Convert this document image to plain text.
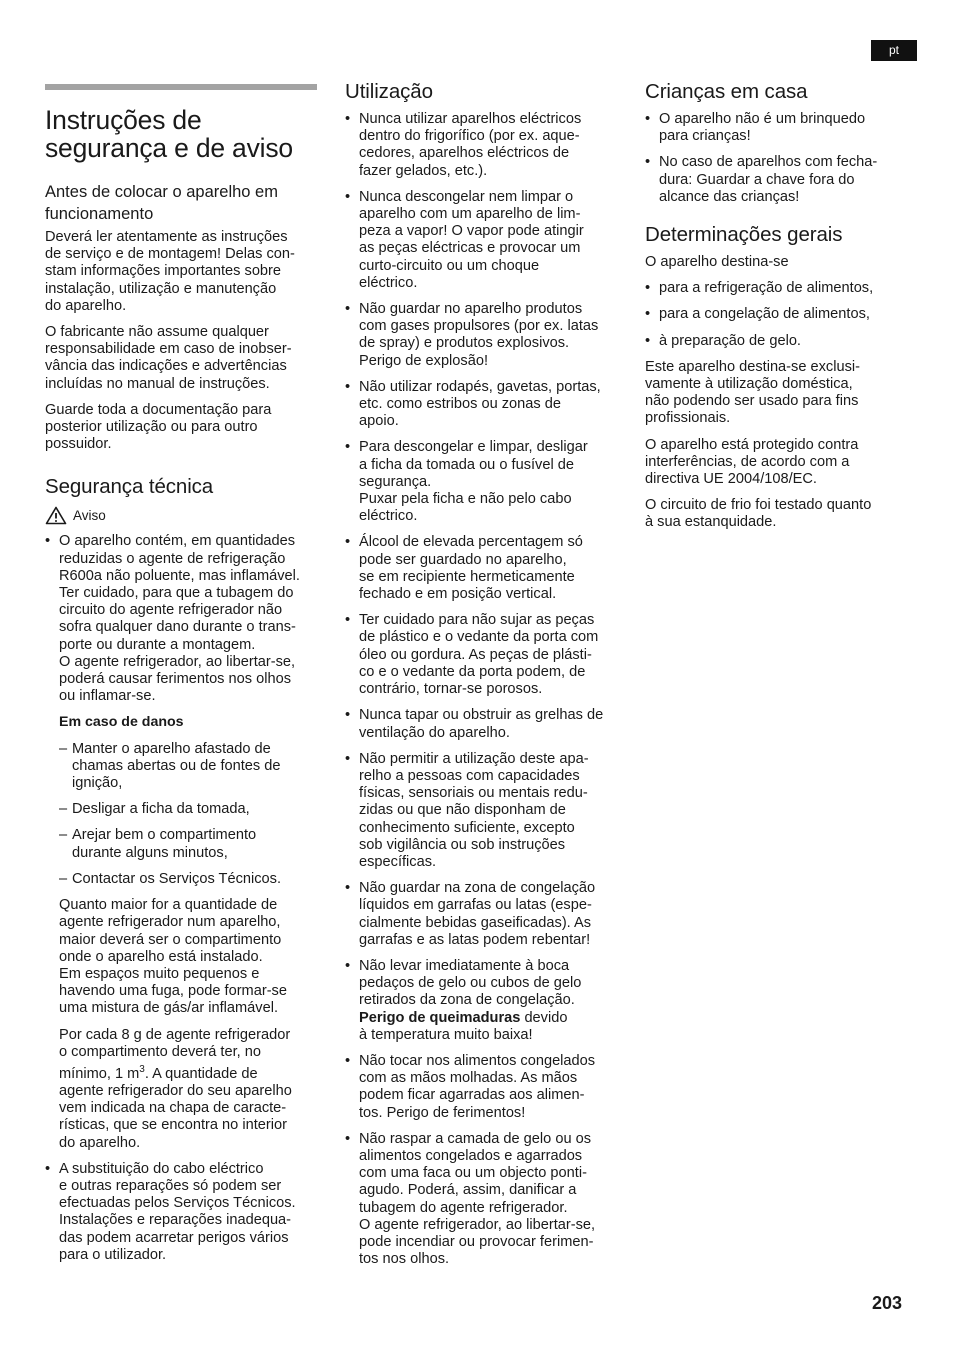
pt
Instruções de segurança e de aviso
Antes de colocar o aparelho em funcionamento

Deverá ler atentamente as instruções
de serviço e de montagem! Delas con-
stam informações importantes sobre
instalação, utilização e manutenção
do aparelho.

O fabricante não assume qualquer
responsabilidade em caso de inobser-
vância das indicações e advertências
incluídas no manual de instruções.

Guarde toda a documentação para
posterior utilização ou para outro
possuidor.

Segurança técnica
Aviso
• O aparelho contém, em quantidades
reduzidas o agente de refrigeração
R600a não poluente, mas inflamável.
Ter cuidado, para que a tubagem do
circuito do agente refrigerador não
sofra qualquer dano durante o trans-
porte ou durante a montagem.
O agente refrigerador, ao libertar-se,
poderá causar ferimentos nos olhos
ou inflamar-se.

Em caso de danos

– Manter o aparelho afastado de
chamas abertas ou de fontes de
ignição,
– Desligar a ficha da tomada,
– Arejar bem o compartimento
durante alguns minutos,
– Contactar os Serviços Técnicos.

Quanto maior for a quantidade de
agente refrigerador num aparelho,
maior deverá ser o compartimento
onde o aparelho está instalado.
Em espaços muito pequenos e
havendo uma fuga, pode formar-se
uma mistura de gás/ar inflamável.

Por cada 8 g de agente refrigerador
o compartimento deverá ter, no
mínimo, 1 $m^3$. A quantidade de
agente refrigerador do seu aparelho
vem indicada na chapa de caracte-
rísticas, que se encontra no interior
do aparelho.

• A substituição do cabo eléctrico
e outras reparações só podem ser
efectuadas pelos Serviços Técnicos.
Instalações e reparações inadequa-
das podem acarretar perigos vários
para o utilizador.
Utilização
• Nunca utilizar aparelhos eléctricos
dentro do frigorífico (por ex. aque-
cedores, aparelhos eléctricos de
fazer gelados, etc.).
• Nunca descongelar nem limpar o
aparelho com um aparelho de lim-
peza a vapor! O vapor pode atingir
as peças eléctricas e provocar um
curto-circuito ou um choque
eléctrico.
• Não guardar no aparelho produtos
com gases propulsores (por ex. latas
de spray) e produtos explosivos.
Perigo de explosão!
• Não utilizar rodapés, gavetas, portas,
etc. como estribos ou zonas de
apoio.
• Para descongelar e limpar, desligar
a ficha da tomada ou o fusível de
segurança.
Puxar pela ficha e não pelo cabo
eléctrico.
• Álcool de elevada percentagem só
pode ser guardado no aparelho,
se em recipiente hermeticamente
fechado e em posição vertical.
• Ter cuidado para não sujar as peças
de plástico e o vedante da porta com
óleo ou gordura. As peças de plásti-
co e o vedante da porta podem, de
contrário, tornar-se porosos.
• Nunca tapar ou obstruir as grelhas de
ventilação do aparelho.
• Não permitir a utilização deste apa-
relho a pessoas com capacidades
físicas, sensoriais ou mentais redu-
zidas ou que não disponham de
conhecimento suficiente, excepto
sob vigilância ou sob instruções
específicas.
• Não guardar na zona de congelação
líquidos em garrafas ou latas (espe-
cialmente bebidas gaseificadas). As
garrafas e as latas podem rebentar!
• Não levar imediatamente à boca
pedaços de gelo ou cubos de gelo
retirados da zona de congelação.
Perigo de queimaduras devido
à temperatura muito baixa!
• Não tocar nos alimentos congelados
com as mãos molhadas. As mãos
podem ficar agarradas aos alimen-
tos. Perigo de ferimentos!
• Não raspar a camada de gelo ou os
alimentos congelados e agarrados
com uma faca ou um objecto ponti-
agudo. Poderá, assim, danificar a
tubagem do agente refrigerador.
O agente refrigerador, ao libertar-se,
pode incendiar ou provocar ferimen-
tos nos olhos.
Crianças em casa
• O aparelho não é um brinquedo
para crianças!
• No caso de aparelhos com fecha-
dura: Guardar a chave fora do
alcance das crianças!
Determinações gerais

O aparelho destina-se

• para a refrigeração de alimentos,
• para a congelação de alimentos,
• à preparação de gelo.

Este aparelho destina-se exclusi-
vamente à utilização doméstica,
não podendo ser usado para fins
profissionais.

O aparelho está protegido contra
interferências, de acordo com a
directiva UE 2004/108/EC.

O circuito de frio foi testado quanto
à sua estanquidade.

203
